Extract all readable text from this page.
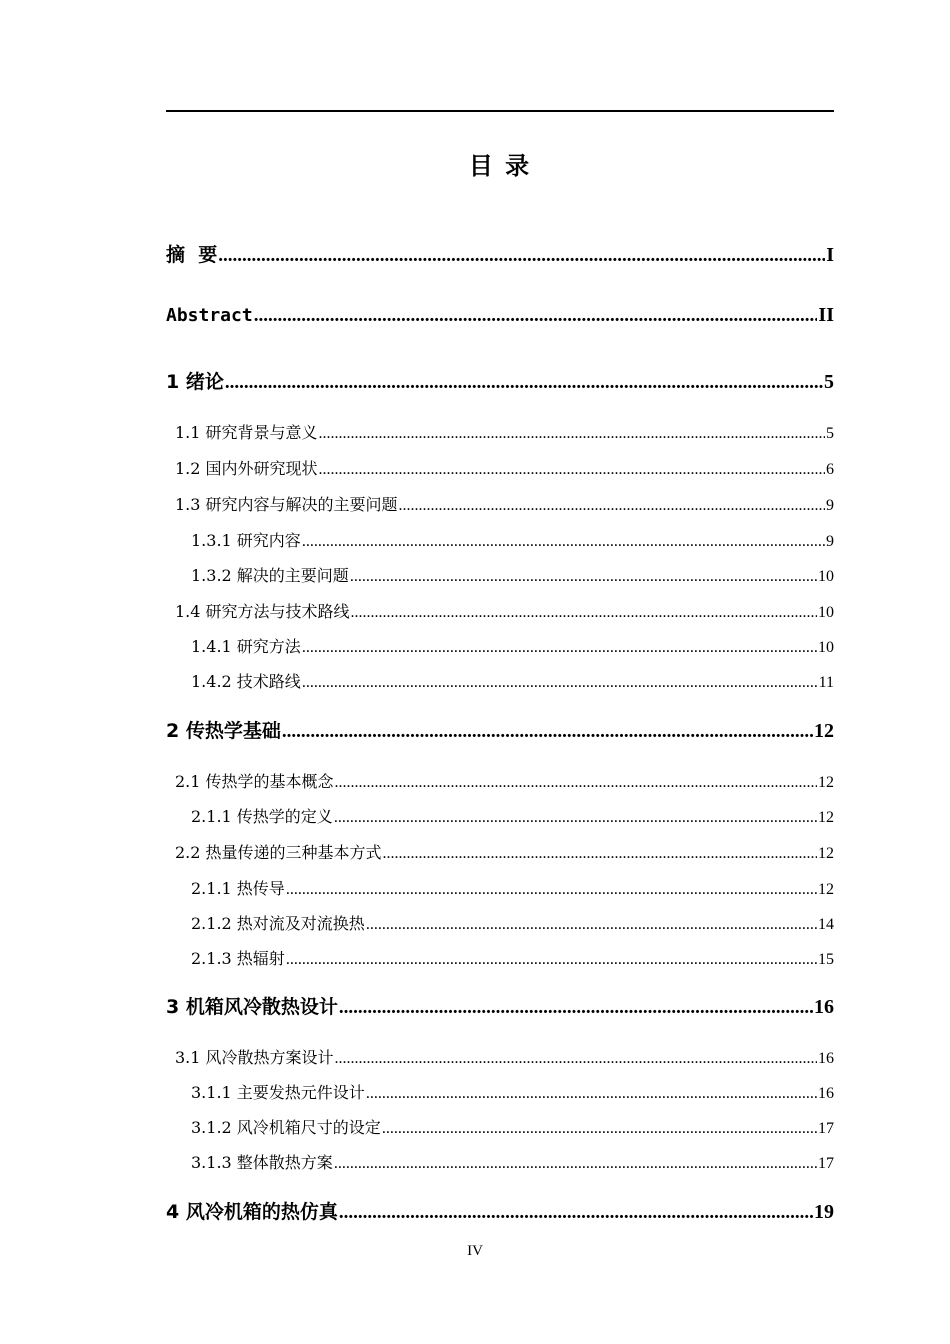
目 录
摘  要 .....	I
Abstract .....	II
1 绪论 .....	5
1.1 研究背景与意义 .....	5
1.2 国内外研究现状 .....	6
1.3 研究内容与解决的主要问题 .....	9
1.3.1 研究内容 .....	9
1.3.2 解决的主要问题 .....	10
1.4 研究方法与技术路线 .....	10
1.4.1 研究方法 .....	10
1.4.2 技术路线 .....	11
2 传热学基础 .....	12
2.1 传热学的基本概念 .....	12
2.1.1 传热学的定义 .....	12
2.2 热量传递的三种基本方式 .....	12
2.1.1 热传导 .....	12
2.1.2 热对流及对流换热 .....	14
2.1.3 热辐射 .....	15
3 机箱风冷散热设计 .....	16
3.1 风冷散热方案设计 .....	16
3.1.1 主要发热元件设计 .....	16
3.1.2 风冷机箱尺寸的设定 .....	17
3.1.3 整体散热方案 .....	17
4 风冷机箱的热仿真 .....	19
IV
